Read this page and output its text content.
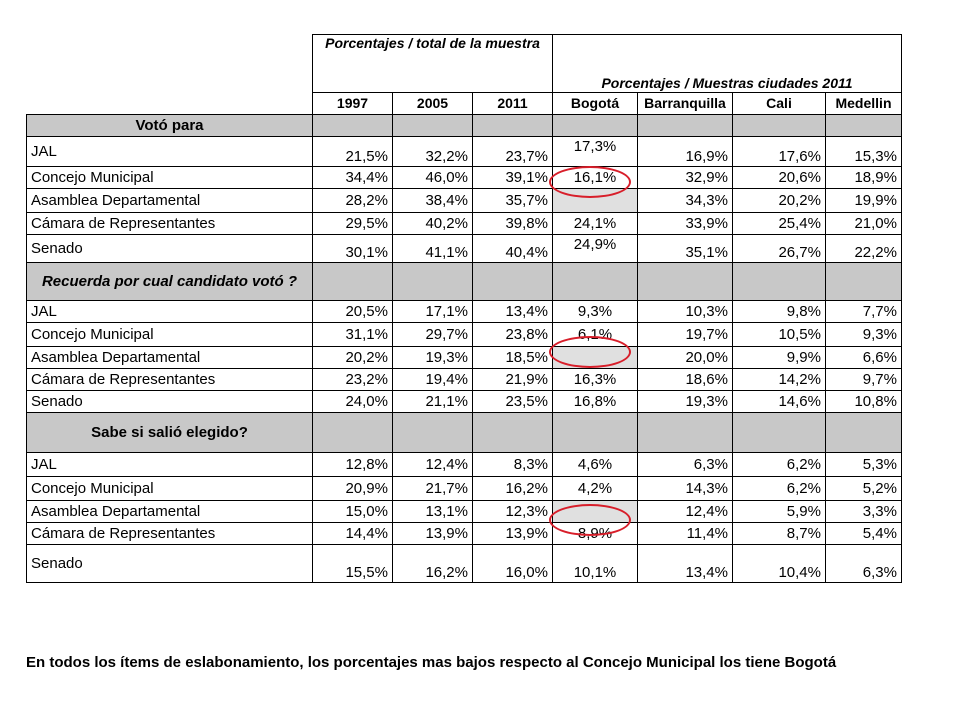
	Porcentajes / total de la muestra			Porcentajes / Muestras ciudades 2011			
	1997	2005	2011	Bogotá	Barranquilla	Cali	Medellin
Votó para							
JAL	21,5%	32,2%	23,7%	17,3%	16,9%	17,6%	15,3%
Concejo Municipal	34,4%	46,0%	39,1%	16,1%	32,9%	20,6%	18,9%
Asamblea Departamental	28,2%	38,4%	35,7%		34,3%	20,2%	19,9%
Cámara de Representantes	29,5%	40,2%	39,8%	24,1%	33,9%	25,4%	21,0%
Senado	30,1%	41,1%	40,4%	24,9%	35,1%	26,7%	22,2%
Recuerda por cual candidato votó ?							
JAL	20,5%	17,1%	13,4%	9,3%	10,3%	9,8%	7,7%
Concejo Municipal	31,1%	29,7%	23,8%	6,1%	19,7%	10,5%	9,3%
Asamblea Departamental	20,2%	19,3%	18,5%		20,0%	9,9%	6,6%
Cámara de Representantes	23,2%	19,4%	21,9%	16,3%	18,6%	14,2%	9,7%
Senado	24,0%	21,1%	23,5%	16,8%	19,3%	14,6%	10,8%
Sabe si salió elegido?							
JAL	12,8%	12,4%	8,3%	4,6%	6,3%	6,2%	5,3%
Concejo Municipal	20,9%	21,7%	16,2%	4,2%	14,3%	6,2%	5,2%
Asamblea Departamental	15,0%	13,1%	12,3%		12,4%	5,9%	3,3%
Cámara de Representantes	14,4%	13,9%	13,9%	8,9%	11,4%	8,7%	5,4%
Senado	15,5%	16,2%	16,0%	10,1%	13,4%	10,4%	6,3%
En todos los ítems de eslabonamiento, los porcentajes mas bajos respecto al Concejo Municipal los tiene Bogotá
